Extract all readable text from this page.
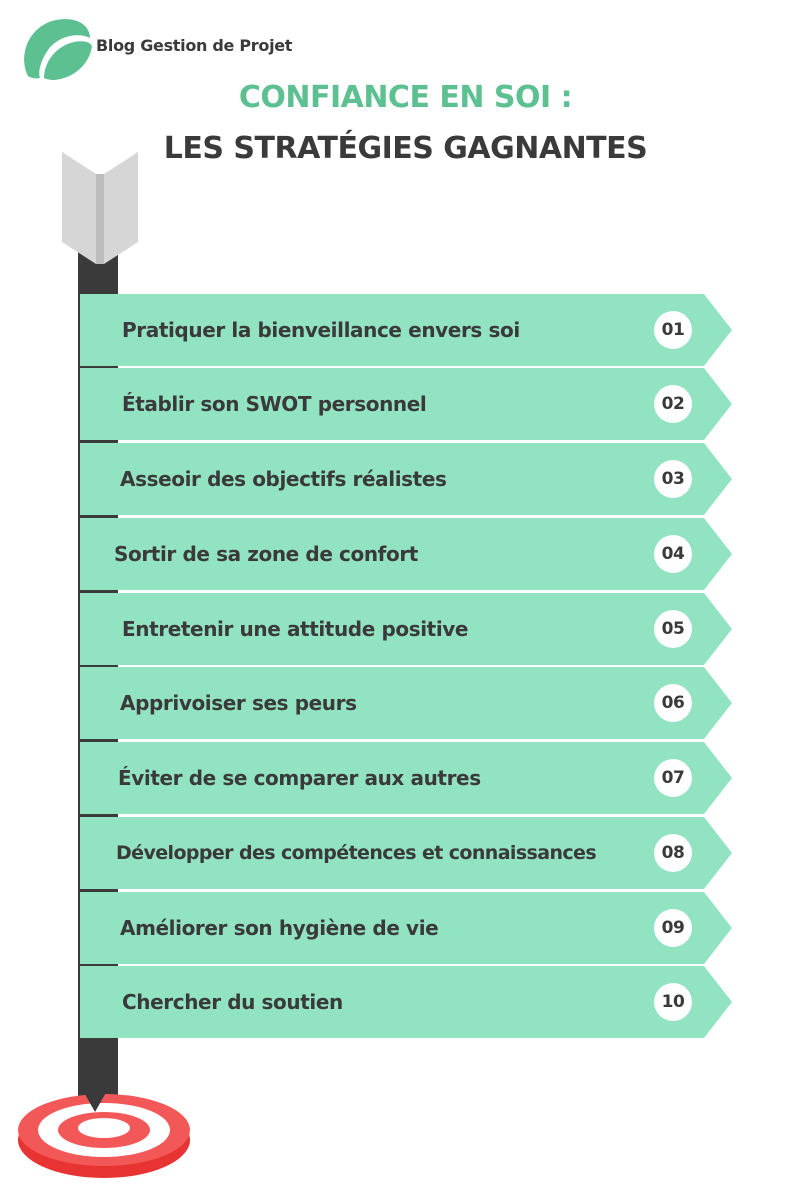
Blog Gestion de Projet
CONFIANCE EN SOI :
LES STRATÉGIES GAGNANTES
Pratiquer la bienveillance envers soi	01
Établir son SWOT personnel	02
Asseoir des objectifs réalistes	03
Sortir de sa zone de confort	04
Entretenir une attitude positive	05
Apprivoiser ses peurs	06
Éviter de se comparer aux autres	07
Développer des compétences et connaissances	08
Améliorer son hygiène de vie	09
Chercher du soutien	10
